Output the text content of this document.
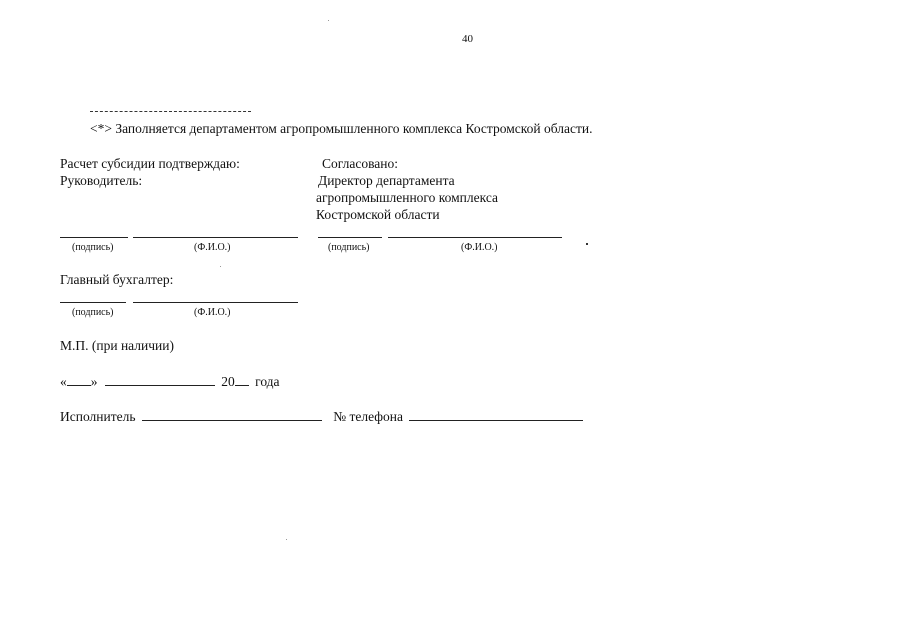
40
<*> Заполняется департаментом агропромышленного комплекса Костромской области.
Расчет субсидии подтверждаю:
Руководитель:
Согласовано:
Директор департамента
агропромышленного комплекса
Костромской области
(подпись)	(Ф.И.О.)	(подпись)	(Ф.И.О.)
Главный бухгалтер:
(подпись)	(Ф.И.О.)
М.П. (при наличии)
« »	20 года
Исполнитель	№ телефона
